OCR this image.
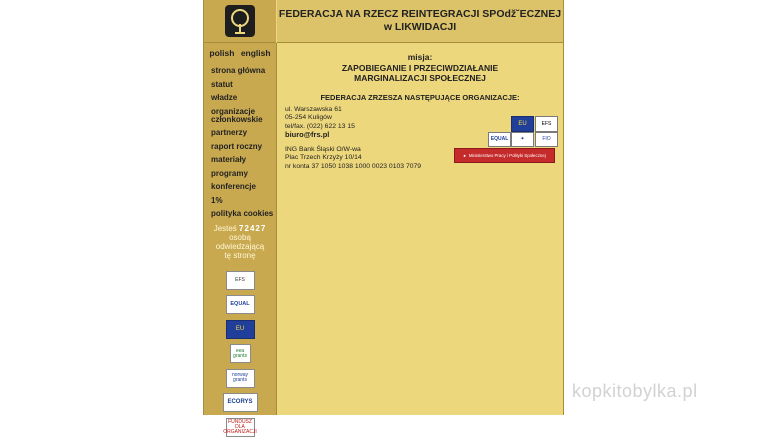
FEDERACJA NA RZECZ REINTEGRACJI SPOdž˘ECZNEJ
w LIKWIDACJI
polish english
strona główna
statut
władze
organizacje członkowskie
partnerzy
raport roczny
materiały
programy
konferencje
1%
polityka cookies
Jesteś 72427
osobą
odwiedzającą
tę stronę
EFS
EQUAL
EU
eea grants
norway grants
ECORYS
FUNDUSZ DLA ORGANIZACJI
misja:
ZAPOBIEGANIE I PRZECIWDZIAŁANIE
MARGINALIZACJI SPOŁECZNEJ
FEDERACJA ZRZESZA NASTĘPUJĄCE ORGANIZACJE:
ul. Warszawska 61
05-254 Kuligów
tel/fax. (022) 622 13 15
biuro@frs.pl
ING Bank Śląski O/W-wa
Plac Trzech Krzyży 10/14
nr konta 37 1050 1038 1000 0023 0103 7079
EU	EFS
EQUAL	✦	FIO
● Ministerstwo Pracy i Polityki Społecznej
kopkitobylka.pl
